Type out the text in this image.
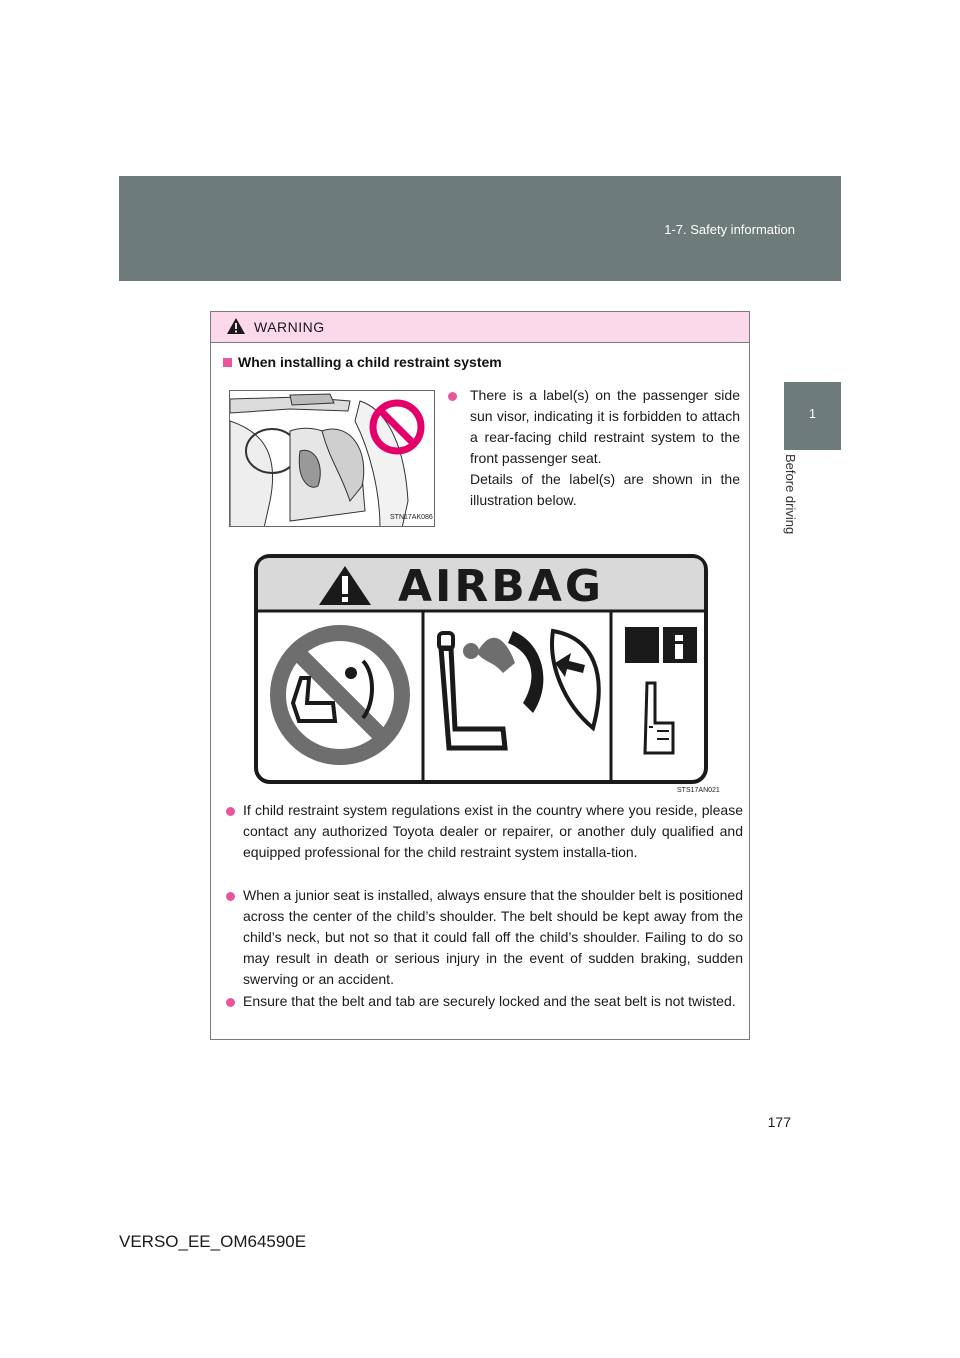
1-7. Safety information
1
Before driving
WARNING
When installing a child restraint system
STN17AK086
There is a label(s) on the passenger side sun visor, indicating it is forbidden to attach a rear-facing child restraint system to the front passenger seat.
Details of the label(s) are shown in the illustration below.
AIRBAG
STS17AN021
If child restraint system regulations exist in the country where you reside, please contact any authorized Toyota dealer or repairer, or another duly qualified and equipped professional for the child restraint system installa-tion.
When a junior seat is installed, always ensure that the shoulder belt is positioned across the center of the child’s shoulder. The belt should be kept away from the child’s neck, but not so that it could fall off the child’s shoulder. Failing to do so may result in death or serious injury in the event of sudden braking, sudden swerving or an accident.
Ensure that the belt and tab are securely locked and the seat belt is not twisted.
177
VERSO_EE_OM64590E
